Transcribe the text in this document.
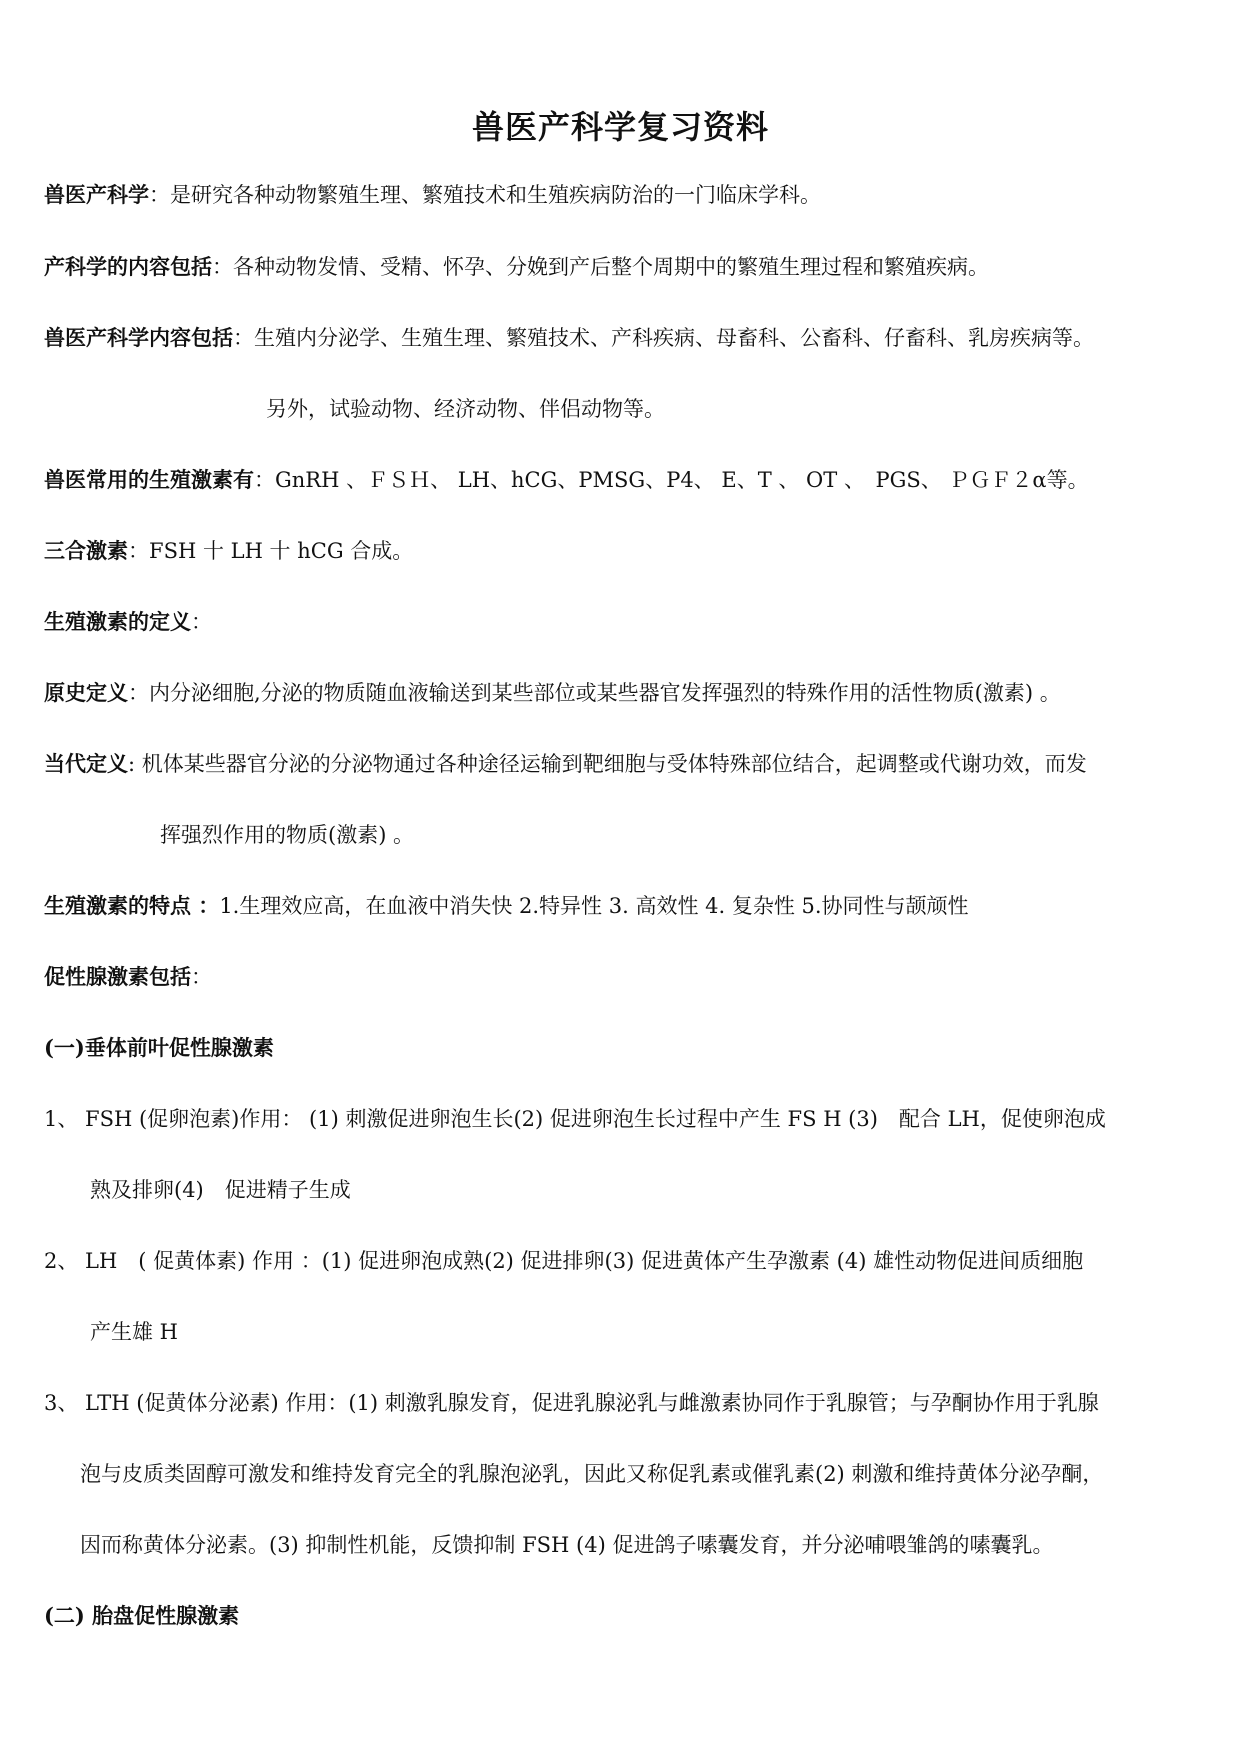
兽医产科学复习资料
兽医产科学：是研究各种动物繁殖生理、繁殖技术和生殖疾病防治的一门临床学科。
产科学的内容包括：各种动物发情、受精、怀孕、分娩到产后整个周期中的繁殖生理过程和繁殖疾病。
兽医产科学内容包括：生殖内分泌学、生殖生理、繁殖技术、产科疾病、母畜科、公畜科、仔畜科、乳房疾病等。
另外，试验动物、经济动物、伴侣动物等。
兽医常用的生殖激素有：GnRH 、ＦＳＨ、 LH、hCG、PMSG、P4、 E、T 、 OT 、　PGS、 ＰＧＦ２α等。
三合激素：FSH 十 LH 十 hCG 合成。
生殖激素的定义：
原史定义：内分泌细胞,分泌的物质随血液输送到某些部位或某些器官发挥强烈的特殊作用的活性物质(激素) 。
当代定义: 机体某些器官分泌的分泌物通过各种途径运输到靶细胞与受体特殊部位结合，起调整或代谢功效，而发
挥强烈作用的物质(激素) 。
生殖激素的特点 ：1.生理效应高，在血液中消失快 2.特异性 3. 高效性 4. 复杂性 5.协同性与颉颃性
促性腺激素包括：
(一)垂体前叶促性腺激素
1、 FSH (促卵泡素)作用： (1) 刺激促进卵泡生长(2) 促进卵泡生长过程中产生 FS H (3)　配合 LH，促使卵泡成
熟及排卵(4)　促进精子生成
2、 LH　( 促黄体素) 作用 ：(1) 促进卵泡成熟(2) 促进排卵(3) 促进黄体产生孕激素 (4) 雄性动物促进间质细胞
产生雄 H
3、 LTH (促黄体分泌素) 作用：(1) 刺激乳腺发育，促进乳腺泌乳与雌激素协同作于乳腺管；与孕酮协作用于乳腺
泡与皮质类固醇可激发和维持发育完全的乳腺泡泌乳，因此又称促乳素或催乳素(2) 刺激和维持黄体分泌孕酮，
因而称黄体分泌素。(3) 抑制性机能，反馈抑制 FSH (4) 促进鸽子嗉囊发育，并分泌哺喂雏鸽的嗉囊乳。
(二) 胎盘促性腺激素
